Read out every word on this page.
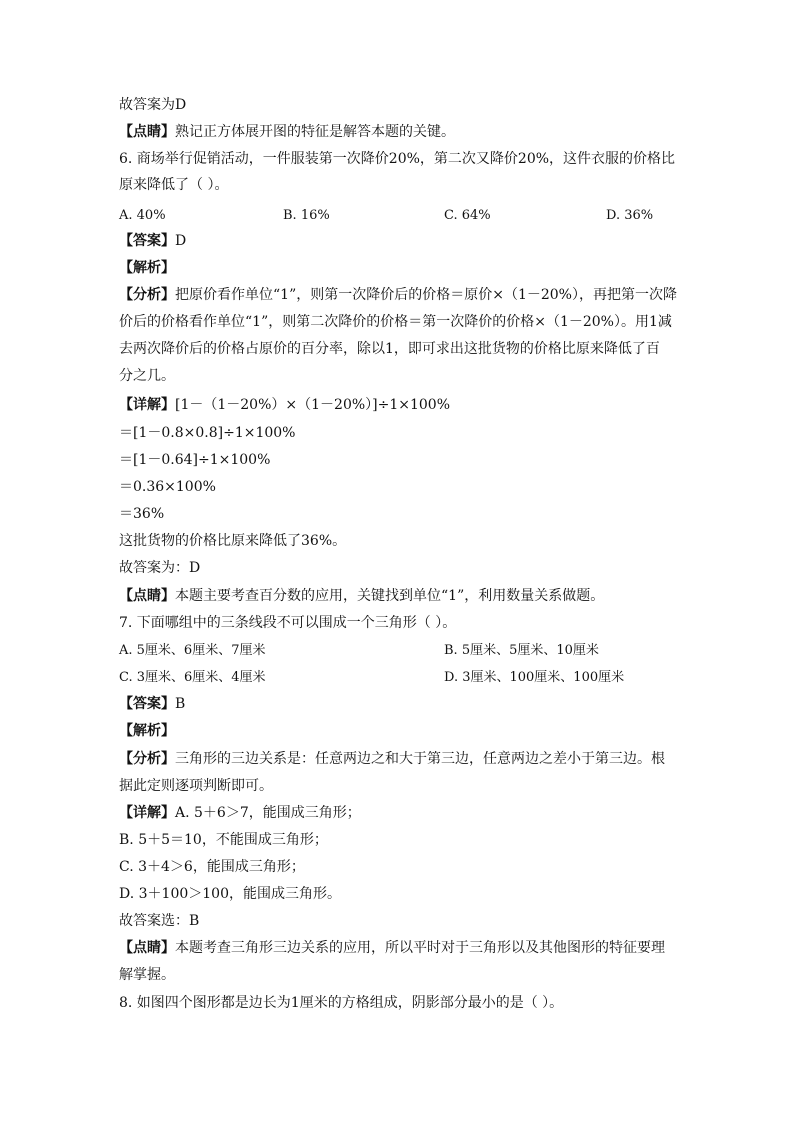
故答案为D

【点睛】熟记正方体展开图的特征是解答本题的关键。

6. 商场举行促销活动，一件服装第一次降价20%，第二次又降价20%，这件衣服的价格比

原来降低了（ ）。

A. 40%	B. 16%	C. 64%	D. 36%

【答案】D

【解析】

【分析】把原价看作单位“1”，则第一次降价后的价格＝原价×（1－20%），再把第一次降

价后的价格看作单位“1”，则第二次降价的价格＝第一次降价的价格×（1－20%）。用1减

去两次降价后的价格占原价的百分率，除以1，即可求出这批货物的价格比原来降低了百

分之几。

【详解】[1－（1－20%）×（1－20%）]÷1×100%

＝[1－0.8×0.8]÷1×100%

＝[1－0.64]÷1×100%

＝0.36×100%

＝36%

这批货物的价格比原来降低了36%。

故答案为：D

【点睛】本题主要考查百分数的应用，关键找到单位“1”，利用数量关系做题。

7. 下面哪组中的三条线段不可以围成一个三角形（ ）。

A. 5厘米、6厘米、7厘米	B. 5厘米、5厘米、10厘米

C. 3厘米、6厘米、4厘米	D. 3厘米、100厘米、100厘米

【答案】B

【解析】

【分析】三角形的三边关系是：任意两边之和大于第三边，任意两边之差小于第三边。根

据此定则逐项判断即可。

【详解】A. 5＋6＞7，能围成三角形；

B. 5＋5＝10，不能围成三角形；

C. 3＋4＞6，能围成三角形；

D. 3＋100＞100，能围成三角形。

故答案选：B

【点睛】本题考查三角形三边关系的应用，所以平时对于三角形以及其他图形的特征要理

解掌握。

8. 如图四个图形都是边长为1厘米的方格组成，阴影部分最小的是（ ）。
